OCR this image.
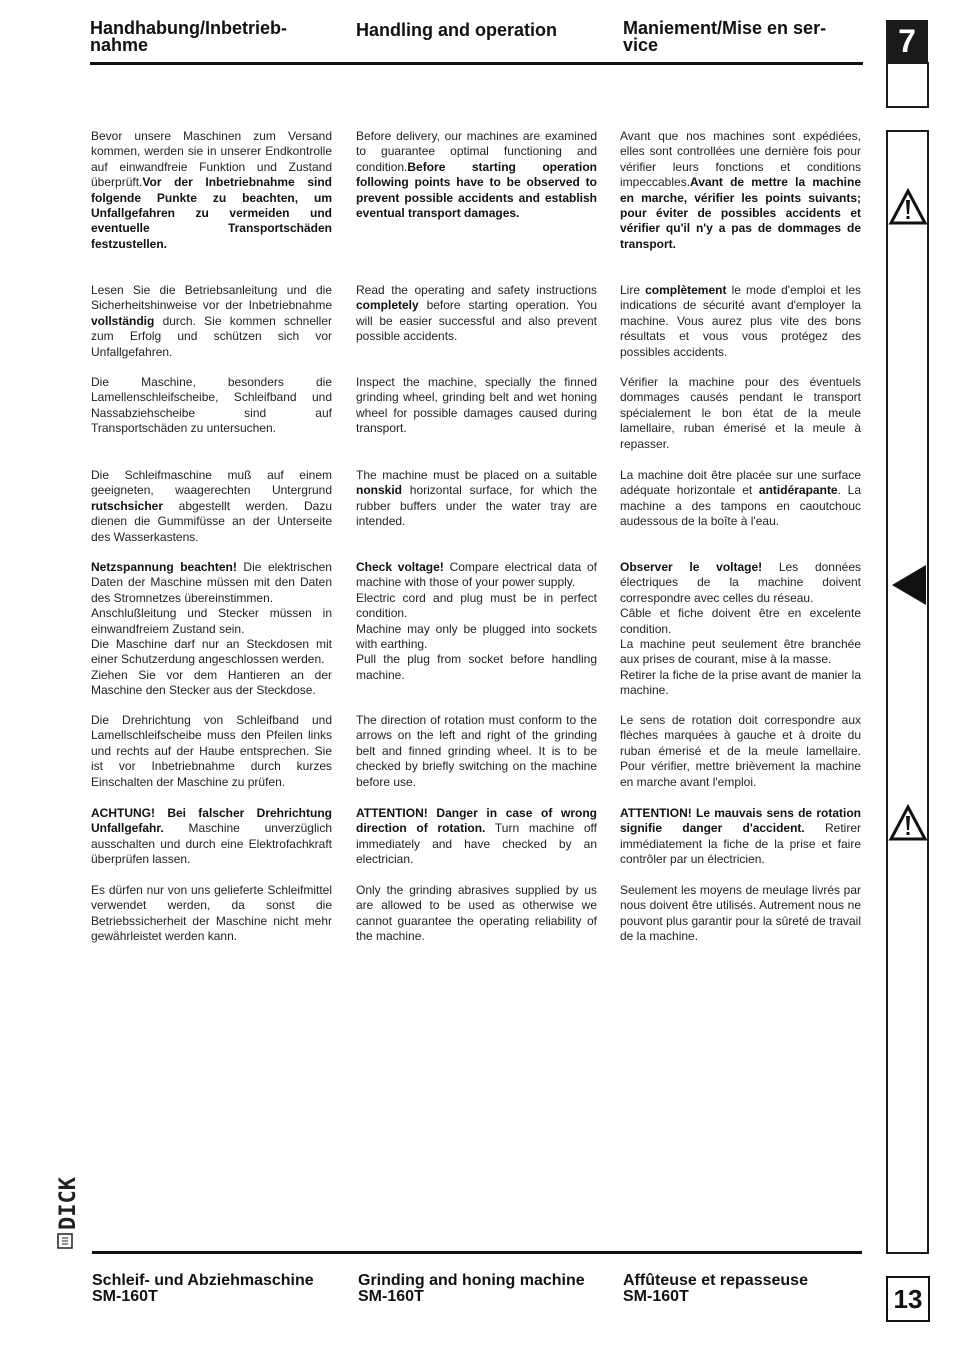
Handhabung/Inbetrieb-
nahme
Handling and operation	Maniement/Mise en ser-
vice	7

Bevor unsere Maschinen zum Versand kommen, werden sie in unserer Endkontrolle auf einwandfreie Funktion und Zustand überprüft.Vor der Inbetriebnahme sind folgende Punkte zu beachten, um Unfallgefahren zu vermeiden und eventuelle Transportschäden festzustellen.

Lesen Sie die Betriebsanleitung und die Sicherheitshinweise vor der Inbetriebnahme vollständig durch. Sie kommen schneller zum Erfolg und schützen sich vor Unfallgefahren.

Die Maschine, besonders die Lamellenschleifscheibe, Schleifband und Nassabziehscheibe sind auf Transportschäden zu untersuchen.

Die Schleifmaschine muß auf einem geeigneten, waagerechten Untergrund rutschsicher abgestellt werden. Dazu dienen die Gummifüsse an der Unterseite des Wasserkastens.

Netzspannung beachten! Die elektrischen Daten der Maschine müssen mit den Daten des Stromnetzes übereinstimmen.
Anschlußleitung und Stecker müssen in einwandfreiem Zustand sein.
Die Maschine darf nur an Steckdosen mit einer Schutzerdung angeschlossen werden.
Ziehen Sie vor dem Hantieren an der Maschine den Stecker aus der Steckdose.

Die Drehrichtung von Schleifband und Lamellschleifscheibe muss den Pfeilen links und rechts auf der Haube entsprechen. Sie ist vor Inbetriebnahme durch kurzes Einschalten der Maschine zu prüfen.

ACHTUNG! Bei falscher Drehrichtung Unfallgefahr. Maschine unverzüglich ausschalten und durch eine Elektrofachkraft überprüfen lassen.

Es dürfen nur von uns gelieferte Schleifmittel verwendet werden, da sonst die Betriebssicherheit der Maschine nicht mehr gewährleistet werden kann.

Before delivery, our machines are examined to guarantee optimal functioning and condition.Before starting operation following points have to be observed to prevent possible accidents and establish eventual transport damages.

Read the operating and safety instructions completely before starting operation. You will be easier successful and also prevent possible accidents.

Inspect the machine, specially the finned grinding wheel, grinding belt and wet honing wheel for possible damages caused during transport.

The machine must be placed on a suitable nonskid horizontal surface, for which the rubber buffers under the water tray are intended.

Check voltage! Compare electrical data of machine with those of your power supply.
Electric cord and plug must be in perfect condition.
Machine may only be plugged into sockets with earthing.
Pull the plug from socket before handling machine.

The direction of rotation must conform to the arrows on the left and right of the grinding belt and finned grinding wheel. It is to be checked by briefly switching on the machine before use.

ATTENTION! Danger in case of wrong direction of rotation. Turn machine off immediately and have checked by an electrician.

Only the grinding abrasives supplied by us are allowed to be used as otherwise we cannot guarantee the operating reliability of the machine.

Avant que nos machines sont expédiées, elles sont controllées une dernière fois pour vérifier leurs fonctions et conditions impeccables.Avant de mettre la machine en marche, vérifier les points suivants; pour éviter de possibles accidents et vérifier qu'il n'y a pas de dommages de transport.

Lire complètement le mode d'emploi et les indications de sécurité avant d'employer la machine. Vous aurez plus vite des bons résultats et vous vous protégez des possibles accidents.

Vérifier la machine pour des éventuels dommages causés pendant le transport spécialement le bon état de la meule lamellaire, ruban émerisé et la meule à repasser.

La machine doit être placée sur une surface adéquate horizontale et antidérapante. La machine a des tampons en caoutchouc audessous de la boîte à l'eau.

Observer le voltage! Les données électriques de la machine doivent correspondre avec celles du réseau.
Câble et fiche doivent être en excelente condition.
La machine peut seulement être branchée aux prises de courant, mise à la masse.
Retirer la fiche de la prise avant de manier la machine.

Le sens de rotation doit correspondre aux flèches marquées à gauche et à droite du ruban émerisé et de la meule lamellaire. Pour vérifier, mettre brièvement la machine en marche avant l'emploi.

ATTENTION! Le mauvais sens de rotation signifie danger d'accident. Retirer immédiatement la fiche de la prise et faire contrôler par un électricien.

Seulement les moyens de meulage livrés par nous doivent être utilisés. Autrement nous ne pouvont plus garantir pour la sûreté de travail de la machine.

DICK
Schleif- und Abziehmaschine
SM-160T
Grinding and honing machine
SM-160T
Affûteuse et repasseuse
SM-160T	13
